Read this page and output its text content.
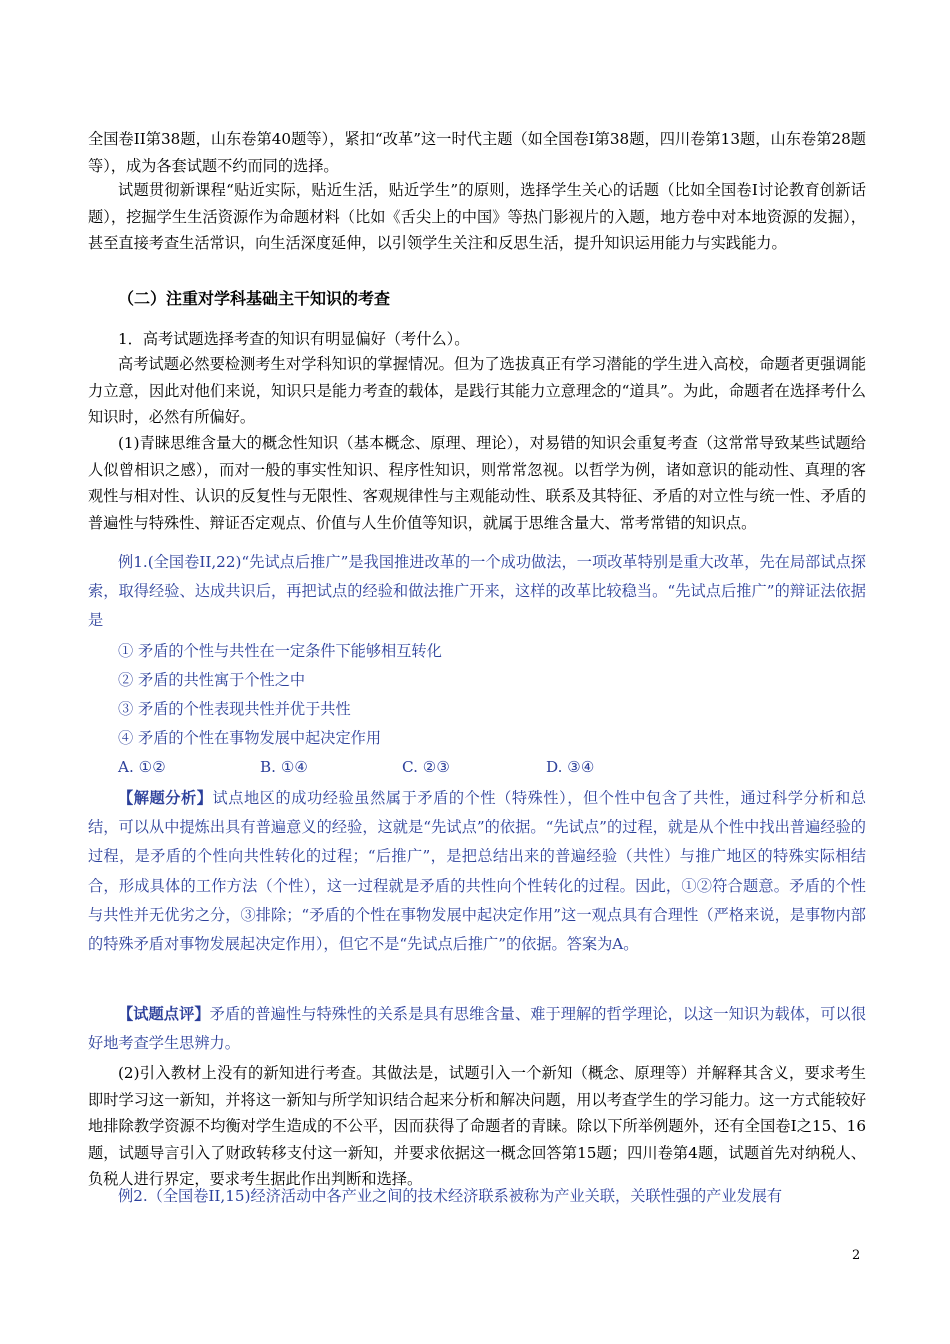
全国卷II第38题，山东卷第40题等），紧扣“改革”这一时代主题（如全国卷I第38题，四川卷第13题，山东卷第28题等），成为各套试题不约而同的选择。

试题贯彻新课程“贴近实际，贴近生活，贴近学生”的原则，选择学生关心的话题（比如全国卷I讨论教育创新话题），挖掘学生生活资源作为命题材料（比如《舌尖上的中国》等热门影视片的入题，地方卷中对本地资源的发掘），甚至直接考查生活常识，向生活深度延伸，以引领学生关注和反思生活，提升知识运用能力与实践能力。

（二）注重对学科基础主干知识的考查

1．高考试题选择考查的知识有明显偏好（考什么）。

高考试题必然要检测考生对学科知识的掌握情况。但为了选拔真正有学习潜能的学生进入高校，命题者更强调能力立意，因此对他们来说，知识只是能力考查的载体，是践行其能力立意理念的“道具”。为此，命题者在选择考什么知识时，必然有所偏好。

(1)青睐思维含量大的概念性知识（基本概念、原理、理论），对易错的知识会重复考查（这常常导致某些试题给人似曾相识之感），而对一般的事实性知识、程序性知识，则常常忽视。以哲学为例，诸如意识的能动性、真理的客观性与相对性、认识的反复性与无限性、客观规律性与主观能动性、联系及其特征、矛盾的对立性与统一性、矛盾的普遍性与特殊性、辩证否定观点、价值与人生价值等知识，就属于思维含量大、常考常错的知识点。

例1.(全国卷II,22)“先试点后推广”是我国推进改革的一个成功做法，一项改革特别是重大改革，先在局部试点探索，取得经验、达成共识后，再把试点的经验和做法推广开来，这样的改革比较稳当。“先试点后推广”的辩证法依据是

① 矛盾的个性与共性在一定条件下能够相互转化

② 矛盾的共性寓于个性之中

③ 矛盾的个性表现共性并优于共性

④ 矛盾的个性在事物发展中起决定作用

A. ①②	B. ①④	C. ②③	D. ③④

【解题分析】试点地区的成功经验虽然属于矛盾的个性（特殊性），但个性中包含了共性，通过科学分析和总结，可以从中提炼出具有普遍意义的经验，这就是“先试点”的依据。“先试点”的过程，就是从个性中找出普遍经验的过程，是矛盾的个性向共性转化的过程；“后推广”，是把总结出来的普遍经验（共性）与推广地区的特殊实际相结合，形成具体的工作方法（个性），这一过程就是矛盾的共性向个性转化的过程。因此，①②符合题意。矛盾的个性与共性并无优劣之分，③排除；“矛盾的个性在事物发展中起决定作用”这一观点具有合理性（严格来说，是事物内部的特殊矛盾对事物发展起决定作用），但它不是“先试点后推广”的依据。答案为A。

【试题点评】矛盾的普遍性与特殊性的关系是具有思维含量、难于理解的哲学理论，以这一知识为载体，可以很好地考查学生思辨力。

(2)引入教材上没有的新知进行考查。其做法是，试题引入一个新知（概念、原理等）并解释其含义，要求考生即时学习这一新知，并将这一新知与所学知识结合起来分析和解决问题，用以考查学生的学习能力。这一方式能较好地排除教学资源不均衡对学生造成的不公平，因而获得了命题者的青睐。除以下所举例题外，还有全国卷I之15、16题，试题导言引入了财政转移支付这一新知，并要求依据这一概念回答第15题；四川卷第4题，试题首先对纳税人、负税人进行界定，要求考生据此作出判断和选择。

例2.（全国卷II,15)经济活动中各产业之间的技术经济联系被称为产业关联，关联性强的产业发展有

2
